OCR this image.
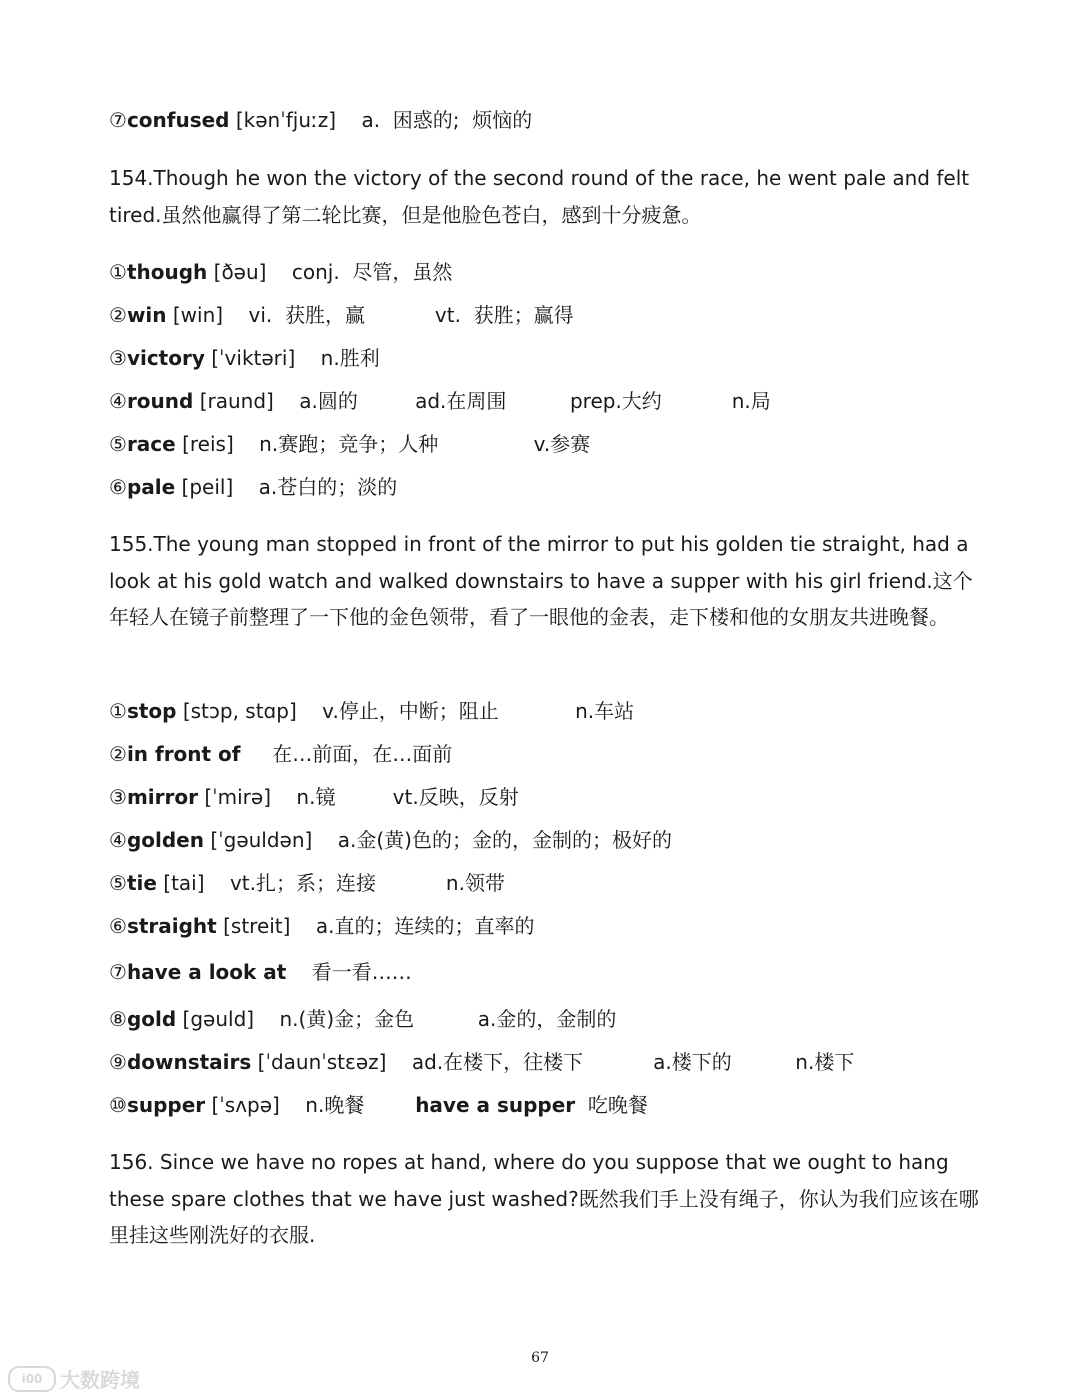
⑦confused [kənˈfjuːz]    a.  困惑的;  烦恼的
154.Though he won the victory of the second round of the race, he went pale and felt tired.虽然他赢得了第二轮比赛，但是他脸色苍白，感到十分疲惫。
①though [ðəu]    conj.  尽管，虽然
②win [win]    vi.  获胜，赢           vt.  获胜；赢得
③victory [ˈviktəri]    n.胜利
④round [raund]    a.圆的         ad.在周围          prep.大约           n.局
⑤race [reis]    n.赛跑；竞争；人种               v.参赛
⑥pale [peil]    a.苍白的；淡的
155.The young man stopped in front of the mirror to put his golden tie straight, had a look at his gold watch and walked downstairs to have a supper with his girl friend.这个年轻人在镜子前整理了一下他的金色领带，看了一眼他的金表，走下楼和他的女朋友共进晚餐。
①stop [stɔp, stɑp]    v.停止，中断；阻止            n.车站
②in front of     在…前面，在…面前
③mirror [ˈmirə]    n.镜         vt.反映，反射
④golden [ˈgəuldən]    a.金(黄)色的；金的，金制的；极好的
⑤tie [tai]    vt.扎；系；连接           n.领带
⑥straight [streit]    a.直的；连续的；直率的
⑦have a look at    看一看……
⑧gold [gəuld]    n.(黄)金；金色          a.金的，金制的
⑨downstairs [ˈdaunˈstɛəz]    ad.在楼下，往楼下           a.楼下的          n.楼下
⑩supper [ˈsʌpə]    n.晚餐        have a supper  吃晚餐
156. Since we have no ropes at hand, where do you suppose that we ought to hang these spare clothes that we have just washed?既然我们手上没有绳子，你认为我们应该在哪里挂这些刚洗好的衣服.
67
i00 大数跨境
